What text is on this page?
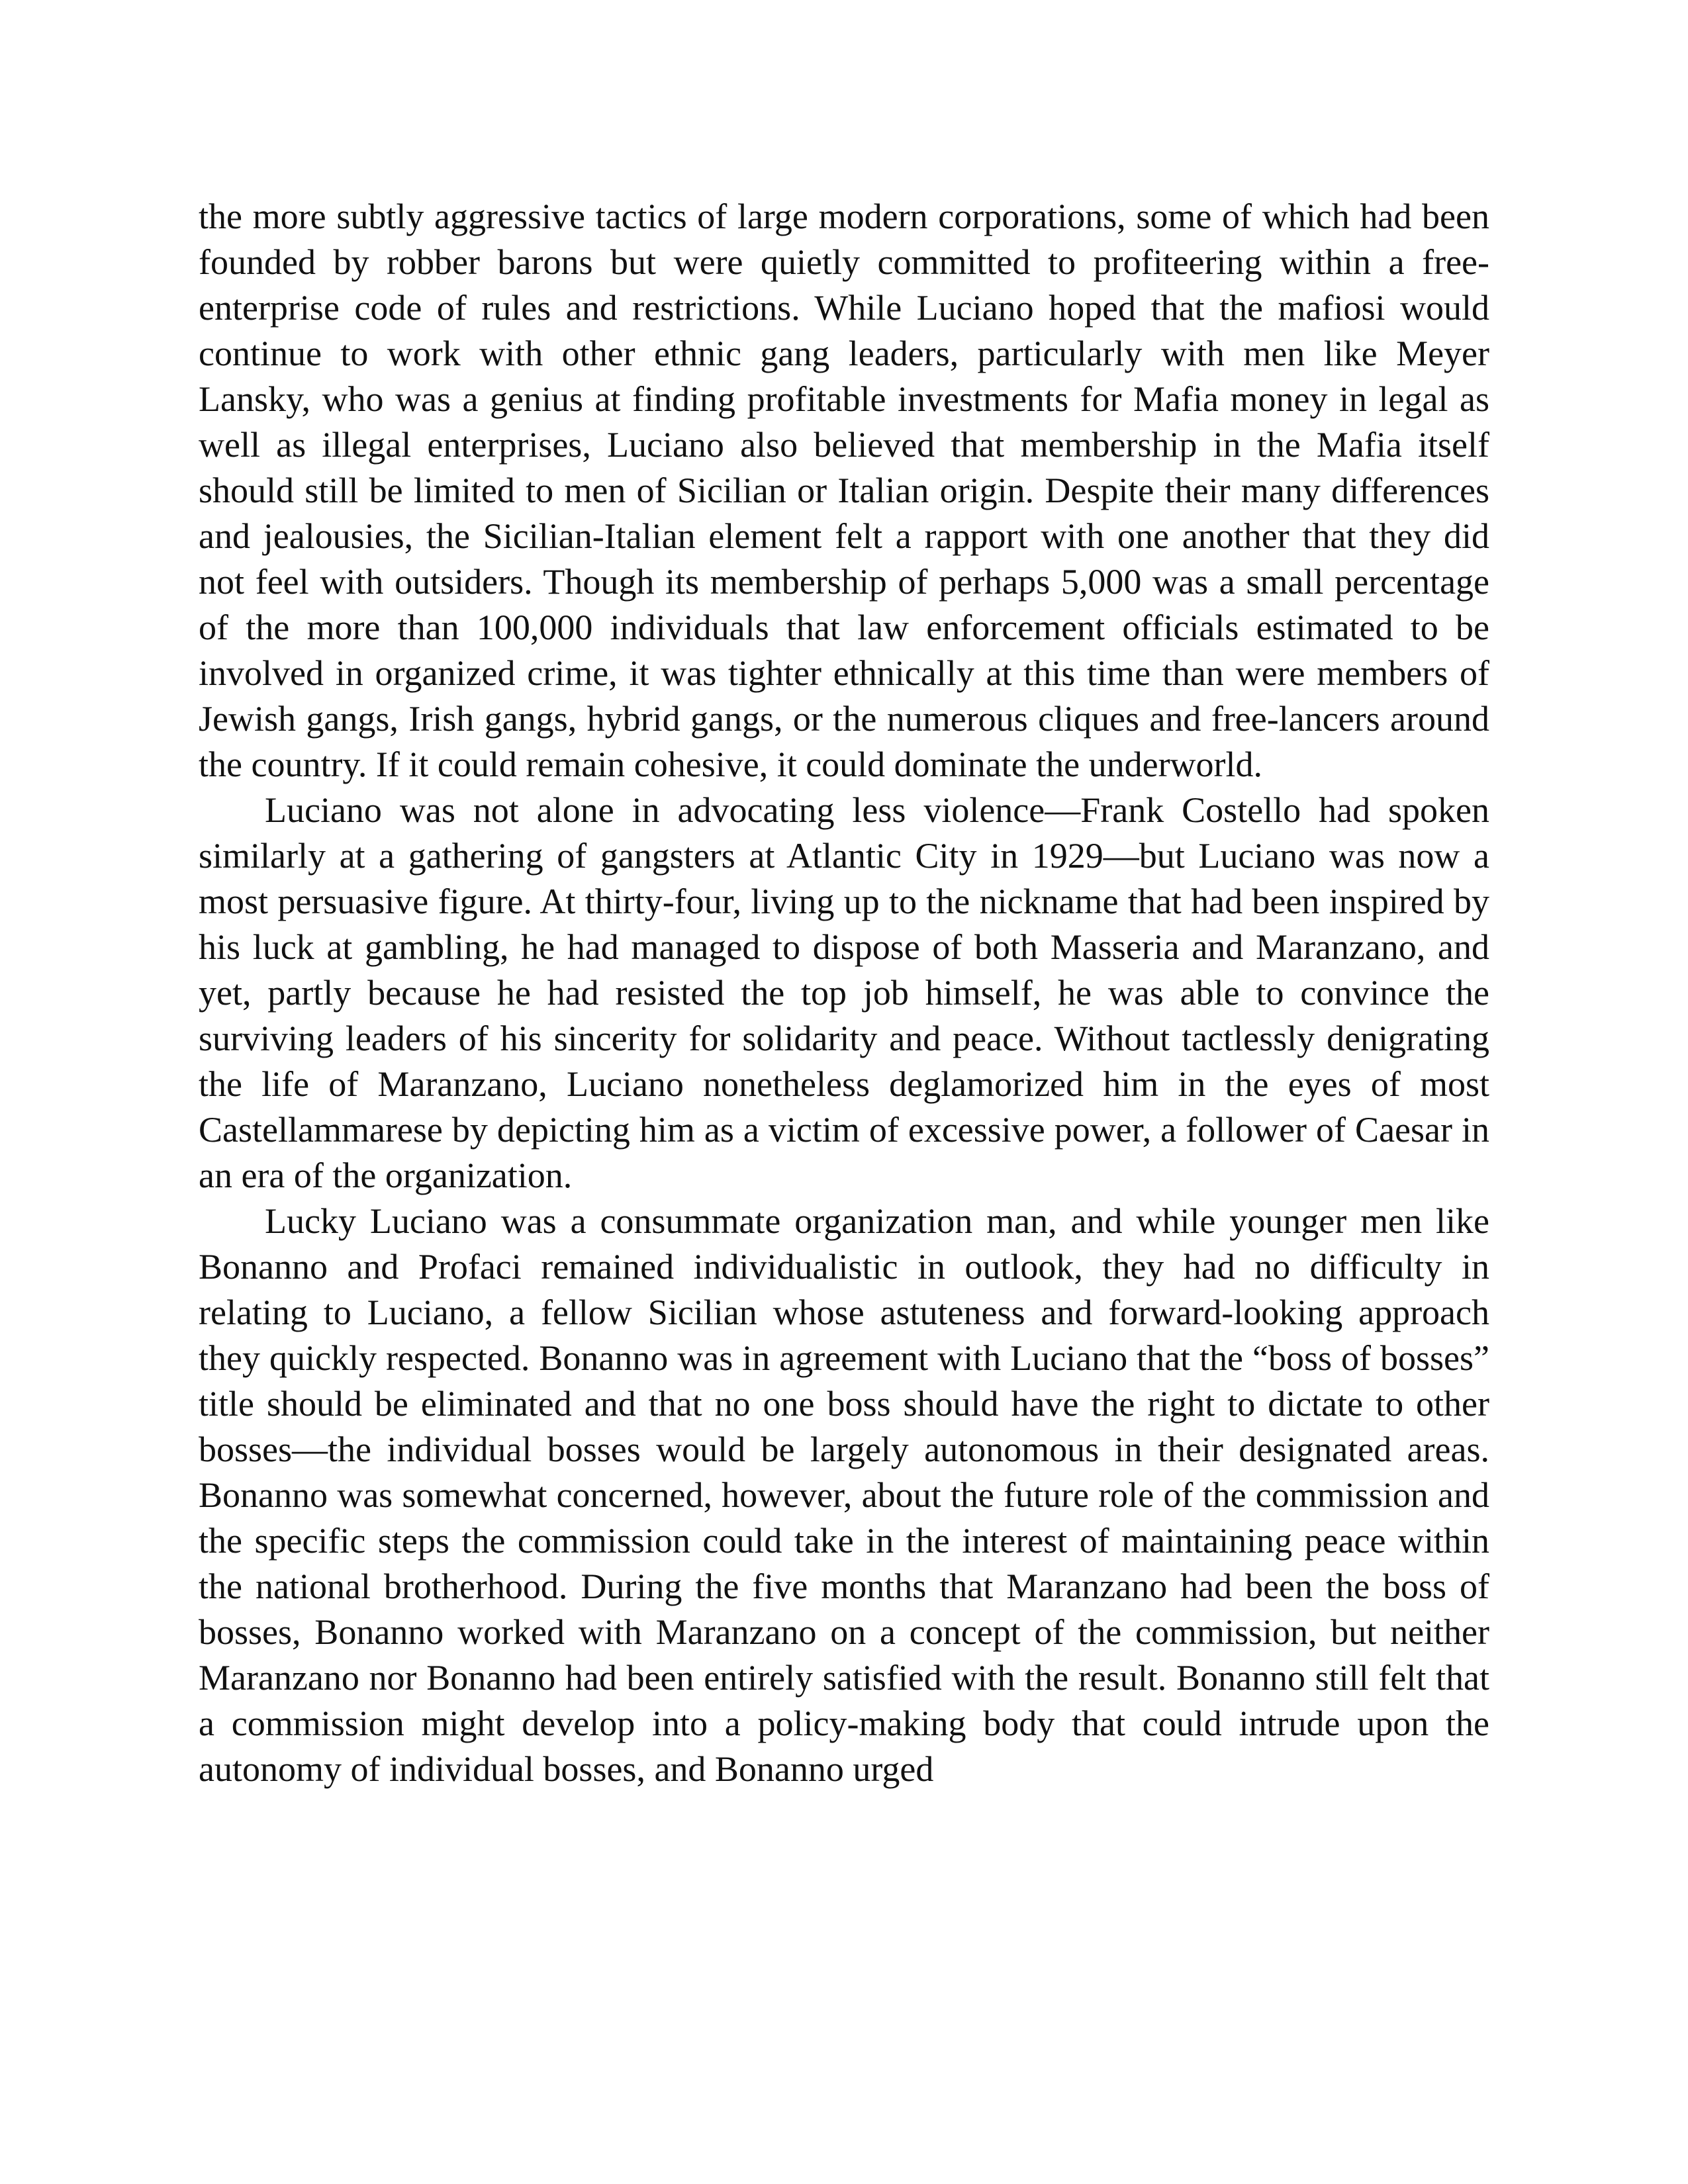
the more subtly aggressive tactics of large modern corporations, some of which had been founded by robber barons but were quietly committed to profiteering within a free-enterprise code of rules and restrictions. While Luciano hoped that the mafiosi would continue to work with other ethnic gang leaders, particularly with men like Meyer Lansky, who was a genius at finding profitable investments for Mafia money in legal as well as illegal enterprises, Luciano also believed that membership in the Mafia itself should still be limited to men of Sicilian or Italian origin. Despite their many differences and jealousies, the Sicilian-Italian element felt a rapport with one another that they did not feel with outsiders. Though its membership of perhaps 5,000 was a small percentage of the more than 100,000 individuals that law enforcement officials estimated to be involved in organized crime, it was tighter ethnically at this time than were members of Jewish gangs, Irish gangs, hybrid gangs, or the numerous cliques and free-lancers around the country. If it could remain cohesive, it could dominate the underworld.

Luciano was not alone in advocating less violence—Frank Costello had spoken similarly at a gathering of gangsters at Atlantic City in 1929—but Luciano was now a most persuasive figure. At thirty-four, living up to the nickname that had been inspired by his luck at gambling, he had managed to dispose of both Masseria and Maranzano, and yet, partly because he had resisted the top job himself, he was able to convince the surviving leaders of his sincerity for solidarity and peace. Without tactlessly denigrating the life of Maranzano, Luciano nonetheless deglamorized him in the eyes of most Castellammarese by depicting him as a victim of excessive power, a follower of Caesar in an era of the organization.

Lucky Luciano was a consummate organization man, and while younger men like Bonanno and Profaci remained individualistic in outlook, they had no difficulty in relating to Luciano, a fellow Sicilian whose astuteness and forward-looking approach they quickly respected. Bonanno was in agreement with Luciano that the “boss of bosses” title should be eliminated and that no one boss should have the right to dictate to other bosses—the individual bosses would be largely autonomous in their designated areas. Bonanno was somewhat concerned, however, about the future role of the commission and the specific steps the commission could take in the interest of maintaining peace within the national brotherhood. During the five months that Maranzano had been the boss of bosses, Bonanno worked with Maranzano on a concept of the commission, but neither Maranzano nor Bonanno had been entirely satisfied with the result. Bonanno still felt that a commission might develop into a policy-making body that could intrude upon the autonomy of individual bosses, and Bonanno urged
